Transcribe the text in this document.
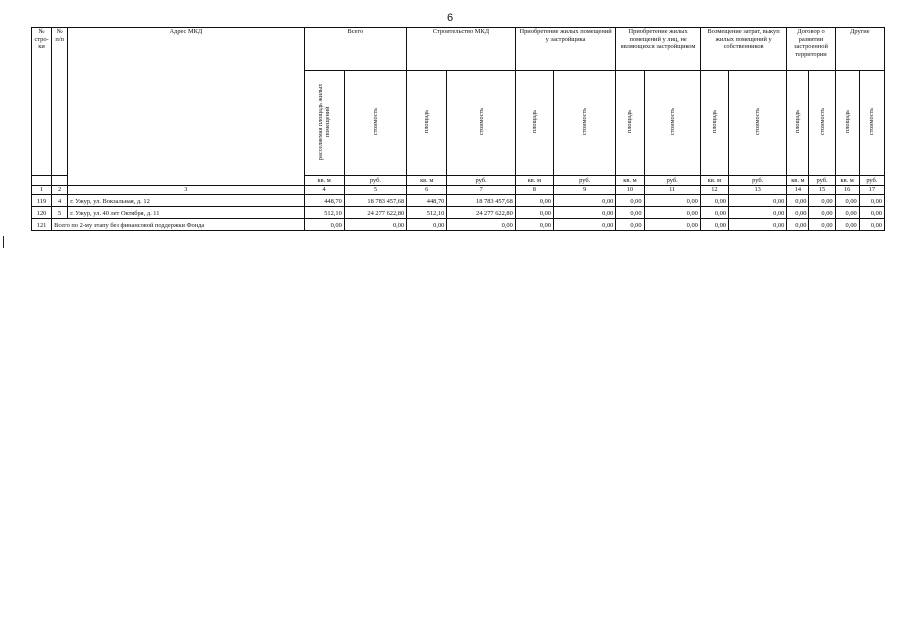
6
№ стро-ки	№ п/п	Адрес МКД	Всего		Строительство МКД		Приобретение жилых помещений у застройщика		Приобретение жилых помещений у лиц, не являющихся застройщиком		Возмещение затрат, выкуп жилых помещений у собственников		Договор о развитии застроенной территории		Другие	
			расселяемая площадь жилых помещений	стоимость	площадь	стоимость	площадь	стоимость	площадь	стоимость	площадь	стоимость	площадь	стоимость	площадь	стоимость
			кв. м	руб.	кв. м	руб.	кв. м	руб.	кв. м	руб.	кв. м	руб.	кв. м	руб.	кв. м	руб.
1	2	3	4	5	6	7	8	9	10	11	12	13	14	15	16	17
119	4	г. Ужур, ул. Вокзальная, д. 12	448,70	18 783 457,68	448,70	18 783 457,68	0,00	0,00	0,00	0,00	0,00	0,00	0,00	0,00	0,00	0,00
120	5	г. Ужур, ул. 40 лет Октября, д. 11	512,10	24 277 622,80	512,10	24 277 622,80	0,00	0,00	0,00	0,00	0,00	0,00	0,00	0,00	0,00	0,00
121	Всего по 2-му этапу без финансовой поддержки Фонда		0,00	0,00	0,00	0,00	0,00	0,00	0,00	0,00	0,00	0,00	0,00	0,00	0,00	0,00
